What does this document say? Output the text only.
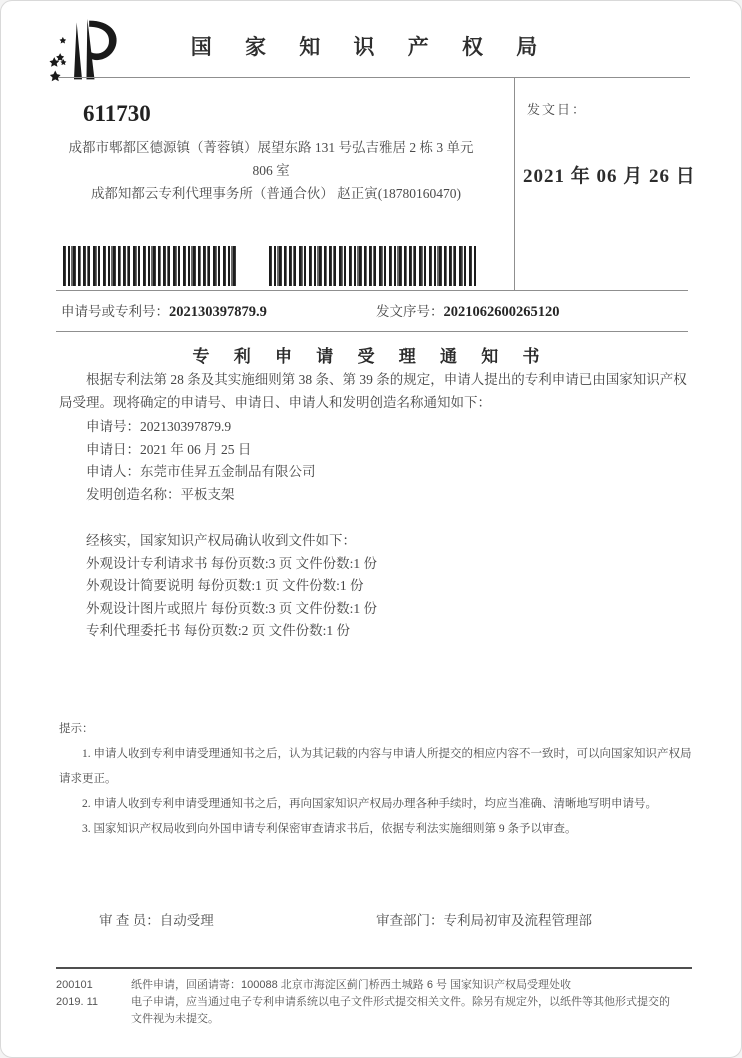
国 家 知 识 产 权 局
611730
成都市郫都区德源镇（菁蓉镇）展望东路 131 号弘吉雅居 2 栋 3 单元
806 室
成都知都云专利代理事务所（普通合伙） 赵正寅(18780160470)
发文日：
2021 年 06 月 26 日
申请号或专利号：202130397879.9	发文序号：2021062600265120
专 利 申 请 受 理 通 知 书

根据专利法第 28 条及其实施细则第 38 条、第 39 条的规定，申请人提出的专利申请已由国家知识产权局受理。现将确定的申请号、申请日、申请人和发明创造名称通知如下：

申请号：202130397879.9

申请日：2021 年 06 月 25 日

申请人：东莞市佳昇五金制品有限公司

发明创造名称：平板支架

经核实，国家知识产权局确认收到文件如下：

外观设计专利请求书 每份页数:3 页 文件份数:1 份

外观设计简要说明 每份页数:1 页 文件份数:1 份

外观设计图片或照片 每份页数:3 页 文件份数:1 份

专利代理委托书 每份页数:2 页 文件份数:1 份

提示：

1. 申请人收到专利申请受理通知书之后，认为其记载的内容与申请人所提交的相应内容不一致时，可以向国家知识产权局请求更正。

2. 申请人收到专利申请受理通知书之后，再向国家知识产权局办理各种手续时，均应当准确、清晰地写明申请号。

3. 国家知识产权局收到向外国申请专利保密审查请求书后，依据专利法实施细则第 9 条予以审查。

审 查 员：自动受理	审查部门：专利局初审及流程管理部

200101

2019. 11

纸件申请，回函请寄：100088 北京市海淀区蓟门桥西土城路 6 号 国家知识产权局受理处收

电子申请，应当通过电子专利申请系统以电子文件形式提交相关文件。除另有规定外，以纸件等其他形式提交的文件视为未提交。
